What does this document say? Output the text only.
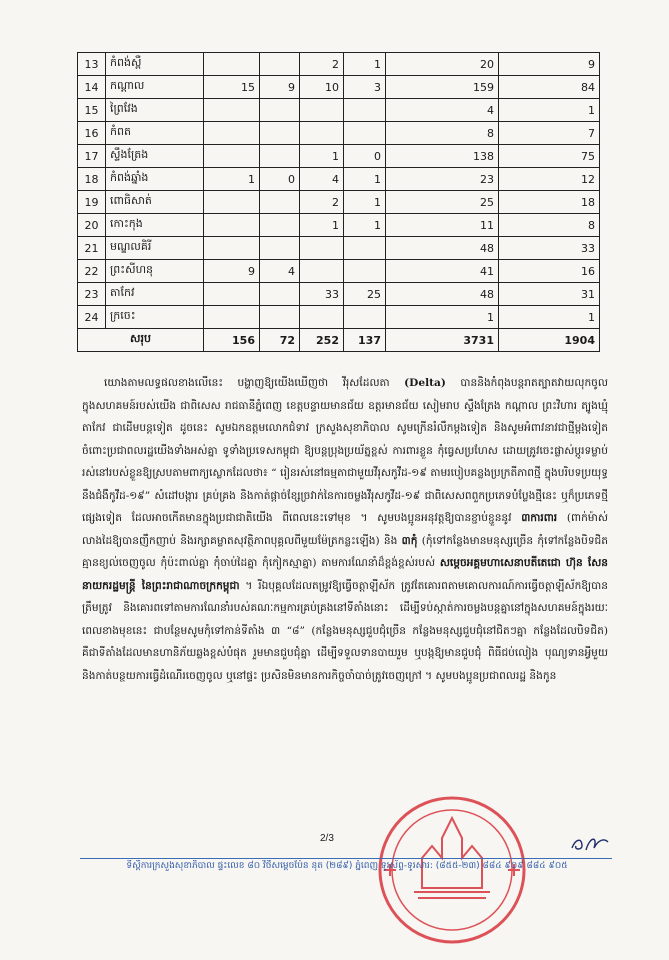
13	កំពង់ស្ពឺ			2	1	20	9
14	កណ្តាល	15	9	10	3	159	84
15	ព្រៃវែង					4	1
16	កំពត					8	7
17	ស្ទឹងត្រែង			1	0	138	75
18	កំពង់ឆ្នាំង	1	0	4	1	23	12
19	ពោធិសាត់			2	1	25	18
20	កោះកុង			1	1	11	8
21	មណ្ឌលគិរី					48	33
22	ព្រះសីហនុ	9	4			41	16
23	តាកែវ			33	25	48	31
24	ក្រចេះ					1	1
សរុប		156	72	252	137	3731	1904

យោងតាមលទ្ធផលខាងលើនេះ បង្ហាញឱ្យយើងឃើញថា វីរុសដែលតា (Delta) បាននិងកំពុងបន្តរាតត្បាតវាយលុកចូលក្នុងសហគមន៍របស់យើង ជាពិសេស រាជធានីភ្នំពេញ ខេត្តបន្ទាយមានជ័យ ឧត្តរមានជ័យ សៀមរាប ស្ទឹងត្រែង កណ្តាល ព្រះវិហារ ត្បូងឃ្មុំ តាកែវ ជាដើមបន្តទៀត ដូចនេះ សូមឯកឧត្តមលោកជំទាវ ក្រសួងសុខាភិបាល សូមក្រើនរំលឹកម្តងទៀត និងសូមអំពាវនាវជាថ្មីម្តងទៀតចំពោះប្រជាពលរដ្ឋយើងទាំងអស់គ្នា ទូទាំងប្រទេសកម្ពុជា ឱ្យបន្តប្រុងប្រយ័ត្នខ្ពស់ ការពារខ្លួន កុំធ្វេសប្រហែស ដោយត្រូវចេះផ្លាស់ប្តូរទម្លាប់រស់នៅរបស់ខ្លួនឱ្យស្របតាមពាក្យស្លោកដែលថា៖ “ រៀនរស់នៅធម្មតាជាមួយវីរុសកូវីដ-១៩ តាមរបៀបគន្លងប្រក្រតីភាពថ្មី ក្នុងបរិបទប្រយុទ្ធនឹងជំងឺកូវីដ-១៩” សំដៅបង្ការ គ្រប់គ្រង និងកាត់ផ្តាច់ខ្សែច្រវាក់នៃការចម្លងវីរុសកូវីដ-១៩ ជាពិសេសពពួកប្រភេទបំប្លែងថ្មីនេះ ឬក៏ប្រភេទថ្មីផ្សេងទៀត ដែលអាចកើតមានក្នុងប្រជាជាតិយើង ពីពេលនេះទៅមុខ ។ សូមបងប្អូនអនុវត្តឱ្យបានខ្ជាប់ខ្ជួននូវ ៣ការពារ (ពាក់ម៉ាស់ លាងដៃឱ្យបានញឹកញាប់ និងរក្សាគម្លាតសុវត្ថិភាពបុគ្គលពីមួយម៉ែត្រកន្លះឡើង) និង ៣កុំ (កុំទៅកន្លែងមានមនុស្សច្រើន កុំទៅកន្លែងបិទជិតគ្មានខ្យល់ចេញចូល កុំប៉ះពាល់គ្នា កុំចាប់ដៃគ្នា កុំកៀកស្មាគ្នា) តាមការណែនាំដ៏ខ្ពង់ខ្ពស់របស់ សម្តេចអគ្គមហាសេនាបតីតេជោ ហ៊ុន សែន នាយករដ្ឋមន្ត្រី នៃព្រះរាជាណាចក្រកម្ពុជា ។ រីឯបុគ្គលដែលតម្រូវឱ្យធ្វើចត្តាឡីស័ក ត្រូវតែគោរពតាមគោលការណ៍ការធ្វើចត្តាឡីស័កឱ្យបានត្រឹមត្រូវ និងគោរពទៅតាមការណែនាំរបស់គណៈកម្មការគ្រប់គ្រងនៅទីតាំងនោះ ដើម្បីទប់ស្កាត់ការចម្លងបន្តគ្នានៅក្នុងសហគមន៍ក្នុងរយៈពេលខាងមុខនេះ ជាបន្ថែមសូមកុំទៅកាន់ទីតាំង ៣ “៨” (កន្លែងមនុស្សជួបជុំច្រើន កន្លែងមនុស្សជួបជុំនៅជិតៗគ្នា កន្លែងដែលបិទជិត) គឺជាទីតាំងដែលមានហានិភ័យឆ្លងខ្ពស់បំផុត រួមមានជួបជុំគ្នា ដើម្បីទទួលទានបាយរួម ឬបង្កឱ្យមានជួបជុំ ពិធីជប់លៀង បុណ្យទានអ្វីមួយ និងកាត់បន្ថយការធ្វើដំណើរចេញចូល ឬនៅផ្ទះ ប្រសិនមិនមានការកិច្ចចាំបាច់ត្រូវចេញក្រៅ ។ សូមបងប្អូនប្រជាពលរដ្ឋ និងកូន

2/3
ទីស្តីការក្រសួងសុខាភិបាល ផ្ទះលេខ ៨០ វិថីសម្តេចប៉ែន នុត (២៨៩) ភ្នំពេញ ទូរស័ព្ទ-ទូរសារ: (៨៥៥-២៣) ៨៨៤ ៩០៩ ៨៨៤ ៩០៥
